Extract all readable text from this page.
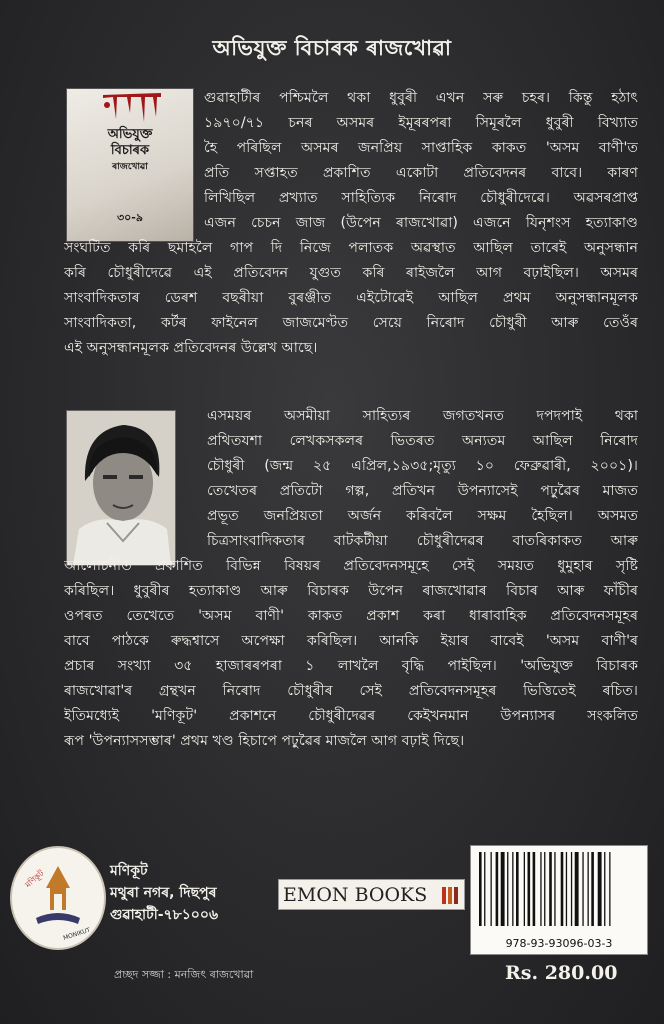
অভিযুক্ত বিচাৰক ৰাজখোৱা
অভিযুক্ত
বিচাৰক
ৰাজখোৱা
৩০-৯
গুৱাহাটীৰ পশ্চিমলৈ থকা ধুবুৰী এখন সৰু চহৰ। কিন্তু হঠাৎ
১৯৭০/৭১ চনৰ অসমৰ ইমূৰৰপৰা সিমূৰলৈ ধুবুৰী বিখ্যাত
হৈ পৰিছিল অসমৰ জনপ্ৰিয় সাপ্তাহিক কাকত 'অসম বাণী'ত
প্ৰতি সপ্তাহত প্ৰকাশিত একোটা প্ৰতিবেদনৰ বাবে। কাৰণ
লিখিছিল প্ৰখ্যাত সাহিত্যিক নিৰোদ চৌধুৰীদেৱে। অৱসৰপ্ৰাপ্ত
এজন চেচন জাজ (উপেন ৰাজখোৱা) এজনে যিনৃশংস হত্যাকাণ্ড
সংঘটিত কৰি ছমাহলৈ গাপ দি নিজে পলাতক অৱস্থাত আছিল তাৰেই অনুসন্ধান
কৰি চৌধুৰীদেৱে এই প্ৰতিবেদন যুগুত কৰি ৰাইজলৈ আগ বঢ়াইছিল। অসমৰ
সাংবাদিকতাৰ ডেৰশ বছৰীয়া বুৰঞ্জীত এইটোৱেই আছিল প্ৰথম অনুসন্ধানমূলক
সাংবাদিকতা, কৰ্টৰ ফাইনেল জাজমেণ্টত সেয়ে নিৰোদ চৌধুৰী আৰু তেওঁৰ
এই অনুসন্ধানমূলক প্ৰতিবেদনৰ উল্লেখ আছে।
এসময়ৰ অসমীয়া সাহিত্যৰ জগতখনত দপদপাই থকা
প্ৰথিতযশা লেখকসকলৰ ভিতৰত অন্যতম আছিল নিৰোদ
চৌধুৰী (জন্ম ২৫ এপ্ৰিল,১৯৩৫;মৃত্যু ১০ ফেব্ৰুৱাৰী, ২০০১)।
তেখেতৰ প্ৰতিটো গল্প, প্ৰতিখন উপন্যাসেই পঢ়ুৱৈৰ মাজত
প্ৰভূত জনপ্ৰিয়তা অৰ্জন কৰিবলৈ সক্ষম হৈছিল। অসমত
চিত্ৰসাংবাদিকতাৰ বাটকটীয়া চৌধুৰীদেৱৰ বাতৰিকাকত আৰু
আলোচনীত প্ৰকাশিত বিভিন্ন বিষয়ৰ প্ৰতিবেদনসমূহে সেই সময়ত ধুমুহাৰ সৃষ্টি
কৰিছিল। ধুবুৰীৰ হত্যাকাণ্ড আৰু বিচাৰক উপেন ৰাজখোৱাৰ বিচাৰ আৰু ফাঁচীৰ
ওপৰত তেখেতে 'অসম বাণী' কাকত প্ৰকাশ কৰা ধাৰাবাহিক প্ৰতিবেদনসমূহৰ
বাবে পাঠকে ৰুদ্ধশ্বাসে অপেক্ষা কৰিছিল। আনকি ইয়াৰ বাবেই 'অসম বাণী'ৰ
প্ৰচাৰ সংখ্যা ৩৫ হাজাৰৰপৰা ১ লাখলৈ বৃদ্ধি পাইছিল। 'অভিযুক্ত বিচাৰক
ৰাজখোৱা'ৰ গ্ৰন্থখন নিৰোদ চৌধুৰীৰ সেই প্ৰতিবেদনসমূহৰ ভিত্তিতেই ৰচিত।
ইতিমধ্যেই 'মণিকূট' প্ৰকাশনে চৌধুৰীদেৱৰ কেইখনমান উপন্যাসৰ সংকলিত
ৰূপ 'উপন্যাসসম্ভাৰ' প্ৰথম খণ্ড হিচাপে পঢ়ুৱৈৰ মাজলৈ আগ বঢ়াই দিছে।
মণিকূট
MONIKUT
মণিকূট
মথুৰা নগৰ, দিছপুৰ
গুৱাহাটী-৭৮১০০৬
EMON BOOKS
978-93-93096-03-3
Rs. 280.00
প্ৰচ্ছদ সজ্জা : মনজিৎ ৰাজখোৱা
